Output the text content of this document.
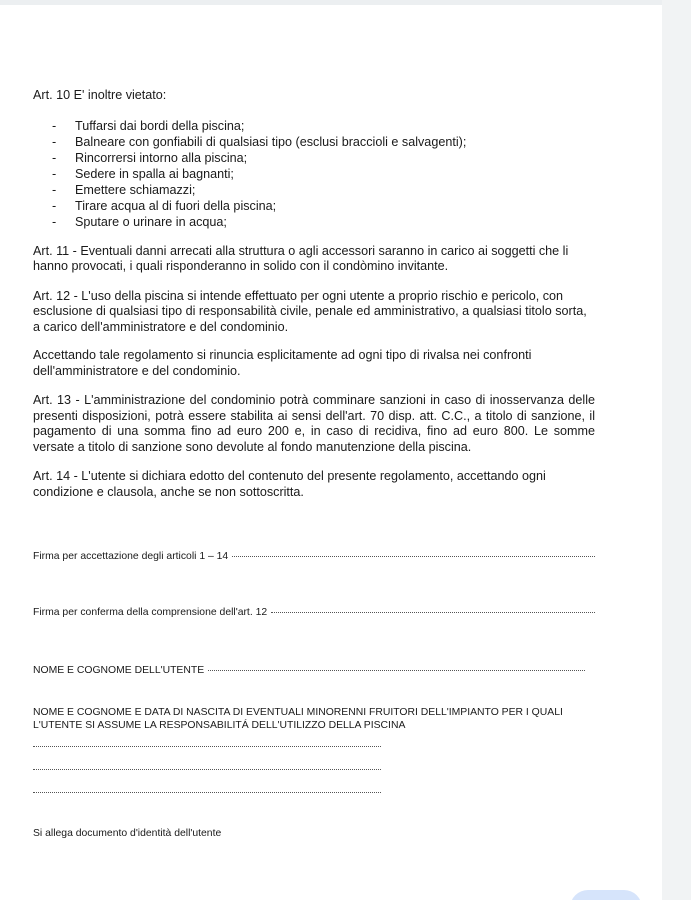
Art. 10 E' inoltre vietato:

- Tuffarsi dai bordi della piscina;
- Balneare con gonfiabili di qualsiasi tipo (esclusi braccioli e salvagenti);
- Rincorrersi intorno alla piscina;
- Sedere in spalla ai bagnanti;
- Emettere schiamazzi;
- Tirare acqua al di fuori della piscina;
- Sputare o urinare in acqua;

Art. 11 - Eventuali danni arrecati alla struttura o agli accessori saranno in carico ai soggetti che li hanno provocati, i quali risponderanno in solido con il condòmino invitante.

Art. 12 - L'uso della piscina si intende effettuato per ogni utente a proprio rischio e pericolo, con esclusione di qualsiasi tipo di responsabilità civile, penale ed amministrativo, a qualsiasi titolo sorta, a carico dell'amministratore e del condominio.

Accettando tale regolamento si rinuncia esplicitamente ad ogni tipo di rivalsa nei confronti dell'amministratore e del condominio.

Art. 13 - L'amministrazione del condominio potrà comminare sanzioni in caso di inosservanza delle presenti disposizioni, potrà essere stabilita ai sensi dell'art. 70 disp. att. C.C., a titolo di sanzione, il pagamento di una somma fino ad euro 200 e, in caso di recidiva, fino ad euro 800. Le somme versate a titolo di sanzione sono devolute al fondo manutenzione della piscina.

Art. 14 - L'utente si dichiara edotto del contenuto del presente regolamento, accettando ogni condizione e clausola, anche se non sottoscritta.

Firma per accettazione degli articoli 1 – 14
Firma per conferma della comprensione dell'art. 12
NOME E COGNOME DELL'UTENTE

NOME E COGNOME E DATA DI NASCITA DI EVENTUALI MINORENNI FRUITORI DELL'IMPIANTO PER I QUALI L'UTENTE SI ASSUME LA RESPONSABILITÁ DELL'UTILIZZO DELLA PISCINA

Si allega documento d'identità dell'utente
